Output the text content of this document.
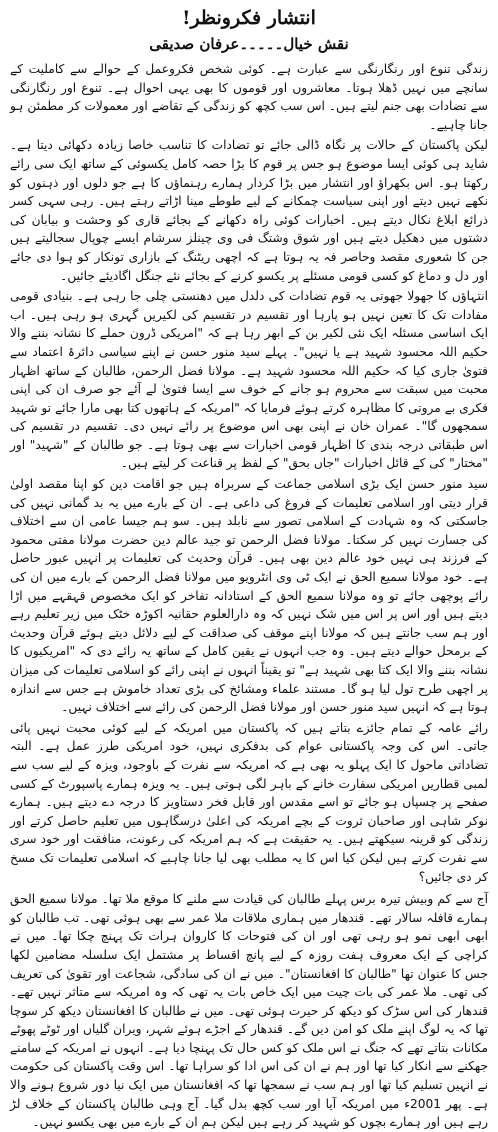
انتشار فکرونظر!
نقش خیال۔۔۔۔۔عرفان صدیقی

زندگی تنوع اور رنگارنگی سے عبارت ہے۔ کوئی شخص فکروعمل کے حوالے سے کاملیت کے سانچے میں نہیں ڈھلا ہوتا۔ معاشروں اور قوموں کا بھی یہی احوال ہے۔ تنوع اور رنگارنگی سے تضادات بھی جنم لیتے ہیں۔ اس سب کچھ کو زندگی کے تقاضے اور معمولات کر مطمئن ہو جانا چاہیے۔

لیکن پاکستان کے حالات پر نگاہ ڈالی جائے تو تضادات کا تناسب خاصا زیادہ دکھائی دیتا ہے۔ شاید ہی کوئی ایسا موضوع ہو جس پر قوم کا بڑا حصہ کامل یکسوئی کے ساتھ ایک سی رائے رکھتا ہو۔ اس بکھراؤ اور انتشار میں بڑا کردار ہمارے رہنماؤں کا ہے جو دلوں اور ذہنوں کو نکھے نہیں دیتے اور اپنی سیاست چمکانے کے لیے طوطے مینا اڑاتے رہتے ہیں۔ رہی سہی کسر ذرائع ابلاغ نکال دیتے ہیں۔ اخبارات کوئی راہ دکھانے کے بجائے قاری کو وحشت و بیابان کی دشتوں میں دھکیل دیتے ہیں اور شوق وشتگ فی وی چینلز سرشام ایسے چوپال سجالیتے ہیں جن کا شعوری مقصد وحاصر فہ یہ ہوتا ہے کہ اچھی ریٹنگ کے بازاری تونکار کو ہوا دی جائے اور دل و دماغ کو کسی قومی مسئلے پر یکسو کرنے کے بجائے نئے جنگل اگادیئے جائیں۔

انتہاؤں کا جھولا جھوتی یہ قوم تضادات کی دلدل میں دھنستی چلی جا رہی ہے۔ بنیادی قومی مفادات تک کا تعین نہیں ہو پارہا اور تقسیم در تقسیم کی لکیریں گہری ہو رہی ہیں۔ اب ایک اساسی مسئلہ ایک نئی لکیر بن کے ابھر رہا ہے کہ "امریکی ڈرون حملے کا نشانہ بننے والا حکیم اللہ محسود شہید ہے یا نہیں"۔ پہلے سید منور حسن نے اپنے سیاسی دائرۂ اعتماد سے فتویٰ جاری کیا کہ حکیم اللہ محسود شہید ہے۔ مولانا فضل الرحمن، طالبان کے ساتھ اظہار محبت میں سبقت سے محروم ہو جانے کے خوف سے ایسا فتویٰ لے آئے جو صرف ان کی اپنی فکری بے مروتی کا مظاہرہ کرتے ہوئے فرمایا کہ "امریکہ کے ہاتھوں کتا بھی مارا جائے تو شہید سمجھوں گا"۔ عمران خان نے اپنی بھی اس موضوع پر رائے نہیں دی۔ تقسیم در تقسیم کی اس طبقاتی درجہ بندی کا اظہار قومی اخبارات سے بھی ہوتا ہے۔ جو طالبان کے "شہید" اور "مختار" کی کے قائل اخبارات "جاں بحق" کے لفظ پر قناعت کر لیتے ہیں۔

سید منور حسن ایک بڑی اسلامی جماعت کے سربراہ ہیں جو اقامت دین کو اپنا مقصد اولیٰ قرار دیتی اور اسلامی تعلیمات کے فروغ کی داعی ہے۔ ان کے بارے میں یہ بد گمانی نہیں کی جاسکتی کہ وہ شہادت کے اسلامی تصور سے نابلد ہیں۔ سو ہم جیسا عامی ان سے اختلاف کی جسارت نہیں کر سکتا۔ مولانا فضل الرحمن تو جید عالم دین حضرت مولانا مفتی محمود کے فرزند ہی نہیں خود عالم دین بھی ہیں۔ قرآن وحدیث کی تعلیمات پر انہیں عبور حاصل ہے۔ خود مولانا سمیع الحق نے ایک ٹی وی انٹرویو میں مولانا فضل الرحمن کے بارے میں ان کی رائے پوچھی جائے تو وہ مولانا سمیع الحق کے استادانہ تفاخر کو ایک مخصوص قہقہے میں اڑا دیتے ہیں اور اس پر اس میں شک نہیں کہ وہ دارالعلوم حقانیہ اکوڑہ خٹک میں زیر تعلیم رہے اور ہم سب جانتے ہیں کہ مولانا اپنے موقف کی صداقت کے لیے دلائل دیتے ہوئے قرآن وحدیث کے برمحل حوالے دیتے ہیں۔ وہ جب انہوں نے یقین کامل کے ساتھ یہ رائے دی کہ "امریکیوں کا نشانہ بننے والا ایک کتا بھی شہید ہے" تو یقیناً انہوں نے اپنی رائے کو اسلامی تعلیمات کی میزان پر اچھی طرح تول لیا ہو گا۔ مستند علماء ومشائخ کی بڑی تعداد خاموش ہے جس سے اندازہ ہوتا ہے کہ انہیں سید منور حسن اور مولانا فضل الرحمن کی رائے سے اختلاف نہیں۔

رائے عامہ کے تمام جائزے بتاتے ہیں کہ پاکستان میں امریکہ کے لیے کوئی محبت نہیں پائی جاتی۔ اس کی وجہ پاکستانی عوام کی بدفکری نہیں، خود امریکی طرز عمل ہے۔ البتہ تضاداتی ماحول کا ایک پہلو یہ بھی ہے کہ امریکہ سے نفرت کے باوجود، ویزہ کے لیے سب سے لمبی قطاریں امریکی سفارت خانے کے باہر لگی ہوتی ہیں۔ یہ ویزہ ہمارے پاسپورٹ کے کسی صفحے پر چسپاں ہو جائے تو اسے مقدس اور قابل فخر دستاویز کا درجہ دے دیتے ہیں۔ ہمارے نوکر شاہی اور صاحبان ثروت کے بچے امریکہ کی اعلیٰ درسگاہوں میں تعلیم حاصل کرتے اور زندگی کو قرینہ سیکھتے ہیں۔ یہ حقیقت ہے کہ ہم امریکہ کی رعونت، منافقت اور خود سری سے نفرت کرتے ہیں لیکن کیا اس کا یہ مطلب بھی لیا جانا چاہیے کہ اسلامی تعلیمات تک مسخ کر دی جائیں؟

آج سے کم وبیش تیرہ برس پہلے طالبان کی قیادت سے ملنے کا موقع ملا تھا۔ مولانا سمیع الحق ہمارے قافلہ سالار تھے۔ قندھار میں ہماری ملاقات ملا عمر سے بھی ہوئی تھی۔ تب طالبان کو ابھی ابھی نمو ہو رہی تھی اور ان کی فتوحات کا کاروان ہرات تک پہنچ چکا تھا۔ میں نے کراچی کے ایک معروف ہفت روزہ کے لیے پانچ اقساط پر مشتمل ایک سلسلہ مضامین لکھا جس کا عنوان تھا "طالبان کا افغانستان"۔ میں نے ان کی سادگی، شجاعت اور تقویٰ کی تعریف کی تھی۔ ملا عمر کی بات چیت میں ایک خاص بات یہ تھی کہ وہ امریکہ سے متاثر نہیں تھے۔ قندھار کی اس سڑک کو دیکھ کر حیرت ہوئی تھی۔ میں نے طالبان کا افغانستان دیکھ کر سوچا تھا کہ یہ لوگ اپنے ملک کو امن دیں گے۔ قندھار کے اجڑے ہوئے شہر، ویران گلیاں اور ٹوٹے پھوٹے مکانات بتاتے تھے کہ جنگ نے اس ملک کو کس حال تک پہنچا دیا ہے۔ انہوں نے امریکہ کے سامنے جھکنے سے انکار کیا تھا اور ہم نے ان کی اس ادا کو سراہا تھا۔ اس وقت پاکستان کی حکومت نے انہیں تسلیم کیا تھا اور ہم سب نے سمجھا تھا کہ افغانستان میں ایک نیا دور شروع ہونے والا ہے۔ پھر 2001ء میں امریکہ آیا اور سب کچھ بدل گیا۔ آج وہی طالبان پاکستان کے خلاف لڑ رہے ہیں اور ہمارے بچوں کو شہید کر رہے ہیں لیکن ہم ان کے بارے میں بھی یکسو نہیں۔
